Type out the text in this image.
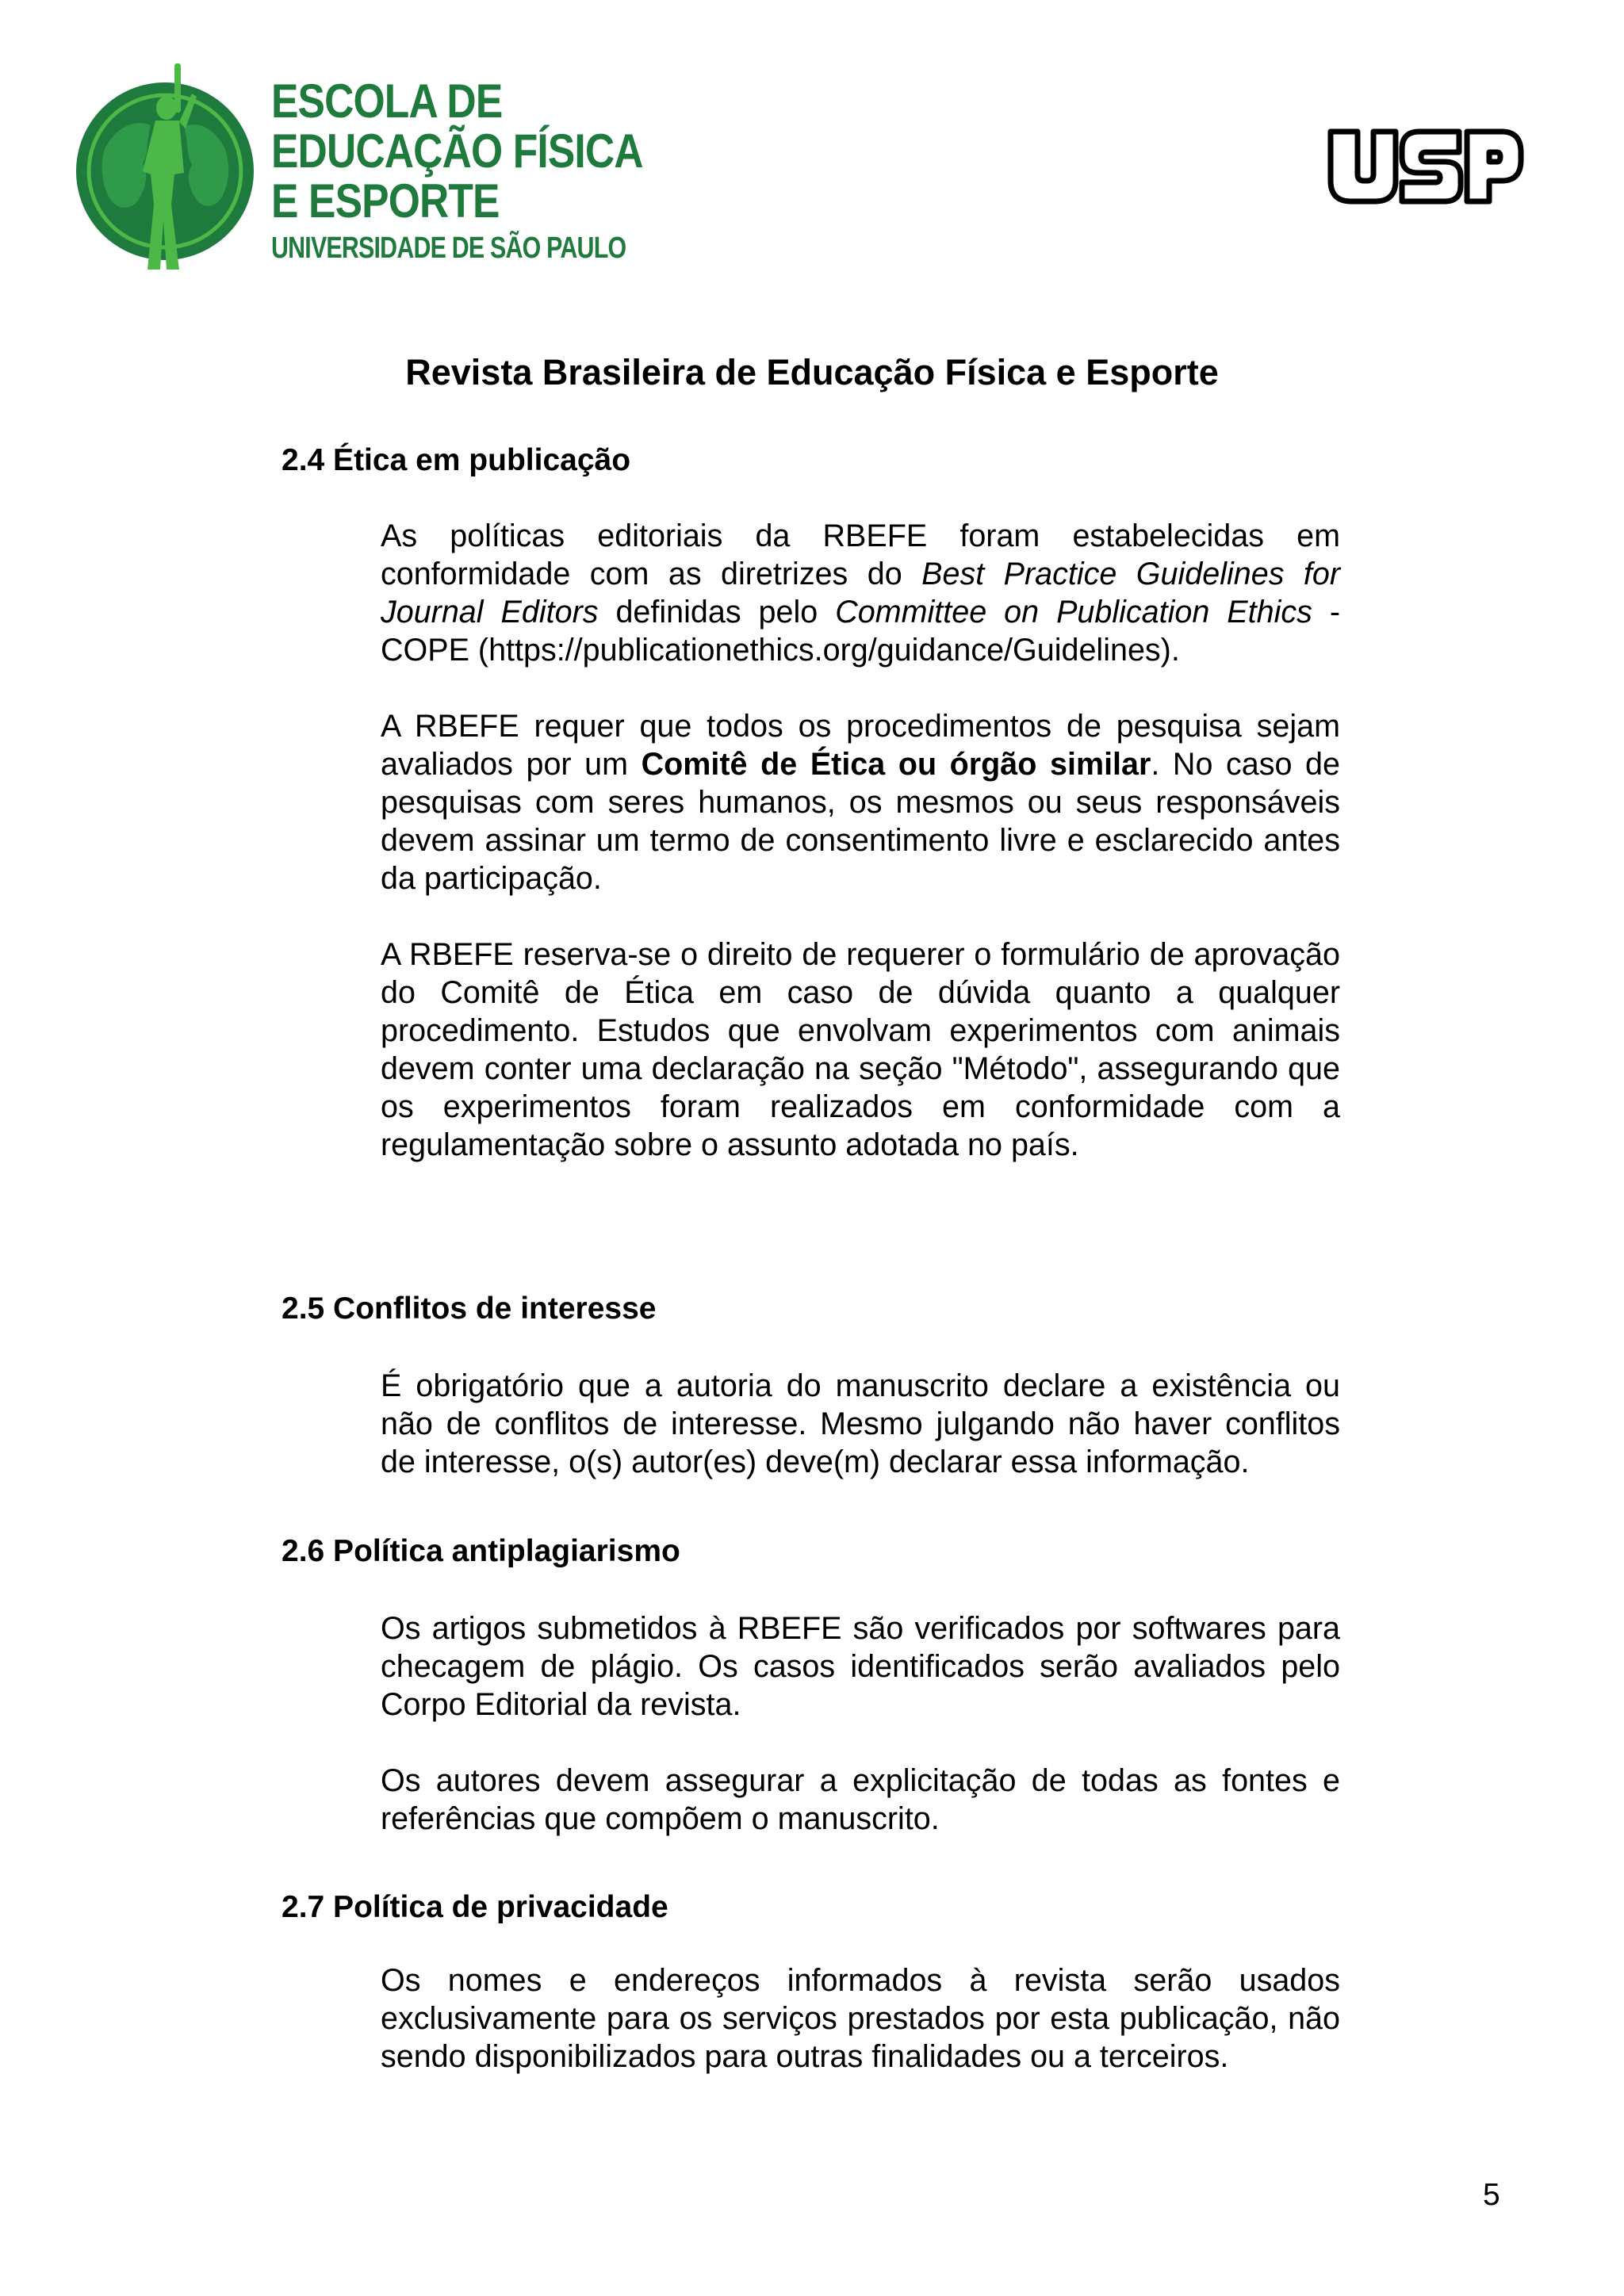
ESCOLA DE
EDUCAÇÃO FÍSICA
E ESPORTE
UNIVERSIDADE DE SÃO PAULO
Revista Brasileira de Educação Física e Esporte
2.4 Ética em publicação

As políticas editoriais da RBEFE foram estabelecidas em conformidade com as diretrizes do Best Practice Guidelines for Journal Editors definidas pelo Committee on Publication Ethics - COPE (https://publicationethics.org/guidance/Guidelines).

A RBEFE requer que todos os procedimentos de pesquisa sejam avaliados por um Comitê de Ética ou órgão similar. No caso de pesquisas com seres humanos, os mesmos ou seus responsáveis devem assinar um termo de consentimento livre e esclarecido antes da participação.

A RBEFE reserva-se o direito de requerer o formulário de aprovação do Comitê de Ética em caso de dúvida quanto a qualquer procedimento. Estudos que envolvam experimentos com animais devem conter uma declaração na seção "Método", assegurando que os experimentos foram realizados em conformidade com a regulamentação sobre o assunto adotada no país.

2.5 Conflitos de interesse

É obrigatório que a autoria do manuscrito declare a existência ou não de conflitos de interesse. Mesmo julgando não haver conflitos de interesse, o(s) autor(es) deve(m) declarar essa informação.

2.6 Política antiplagiarismo

Os artigos submetidos à RBEFE são verificados por softwares para checagem de plágio. Os casos identificados serão avaliados pelo Corpo Editorial da revista.

Os autores devem assegurar a explicitação de todas as fontes e referências que compõem o manuscrito.

2.7 Política de privacidade

Os nomes e endereços informados à revista serão usados exclusivamente para os serviços prestados por esta publicação, não sendo disponibilizados para outras finalidades ou a terceiros.

5
